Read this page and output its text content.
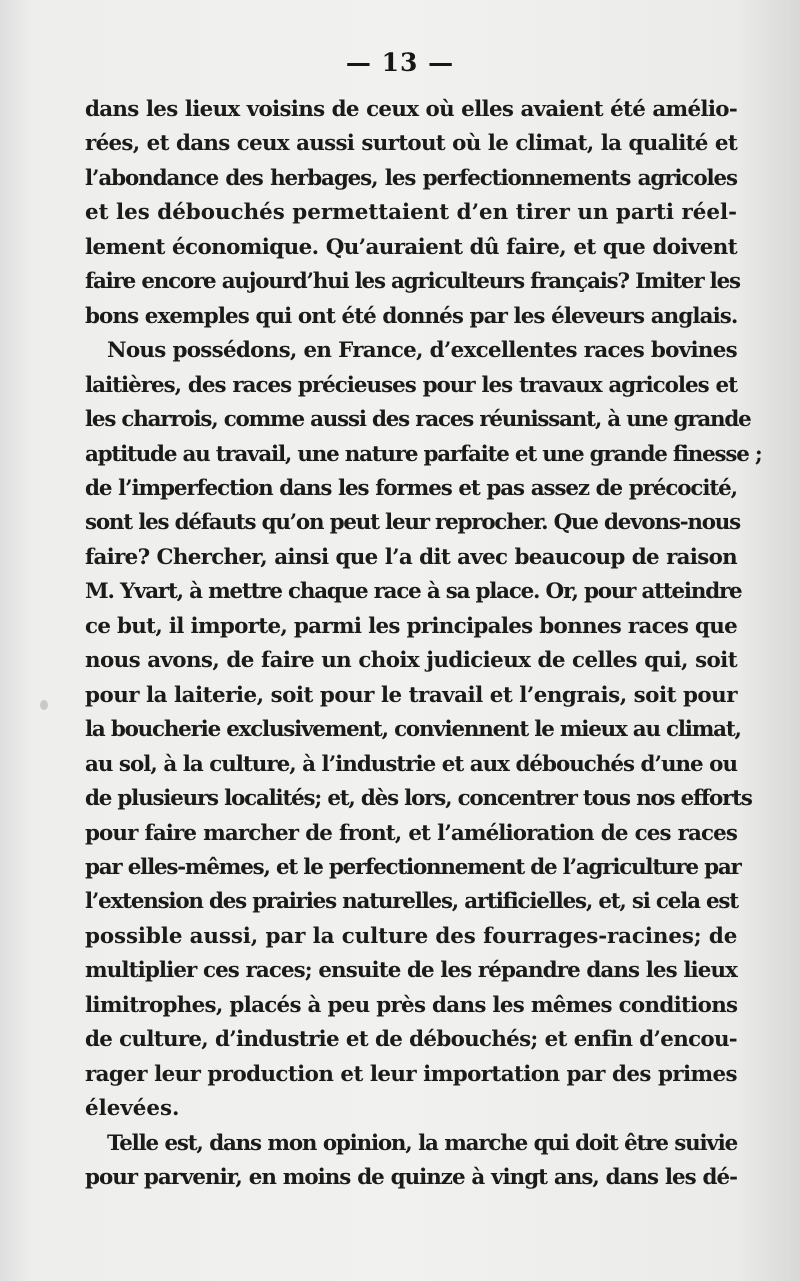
— 13 —
dans les lieux voisins de ceux où elles avaient été amélio-
rées, et dans ceux aussi surtout où le climat, la qualité et
l’abondance des herbages, les perfectionnements agricoles
et les débouchés permettaient d’en tirer un parti réel-
lement économique. Qu’auraient dû faire, et que doivent
faire encore aujourd’hui les agriculteurs français? Imiter les
bons exemples qui ont été donnés par les éleveurs anglais.
Nous possédons, en France, d’excellentes races bovines
laitières, des races précieuses pour les travaux agricoles et
les charrois, comme aussi des races réunissant, à une grande
aptitude au travail, une nature parfaite et une grande finesse ;
de l’imperfection dans les formes et pas assez de précocité,
sont les défauts qu’on peut leur reprocher. Que devons-nous
faire? Chercher, ainsi que l’a dit avec beaucoup de raison
M. Yvart, à mettre chaque race à sa place. Or, pour atteindre
ce but, il importe, parmi les principales bonnes races que
nous avons, de faire un choix judicieux de celles qui, soit
pour la laiterie, soit pour le travail et l’engrais, soit pour
la boucherie exclusivement, conviennent le mieux au climat,
au sol, à la culture, à l’industrie et aux débouchés d’une ou
de plusieurs localités; et, dès lors, concentrer tous nos efforts
pour faire marcher de front, et l’amélioration de ces races
par elles-mêmes, et le perfectionnement de l’agriculture par
l’extension des prairies naturelles, artificielles, et, si cela est
possible aussi, par la culture des fourrages-racines; de
multiplier ces races; ensuite de les répandre dans les lieux
limitrophes, placés à peu près dans les mêmes conditions
de culture, d’industrie et de débouchés; et enfin d’encou-
rager leur production et leur importation par des primes
élevées.
Telle est, dans mon opinion, la marche qui doit être suivie
pour parvenir, en moins de quinze à vingt ans, dans les dé-
